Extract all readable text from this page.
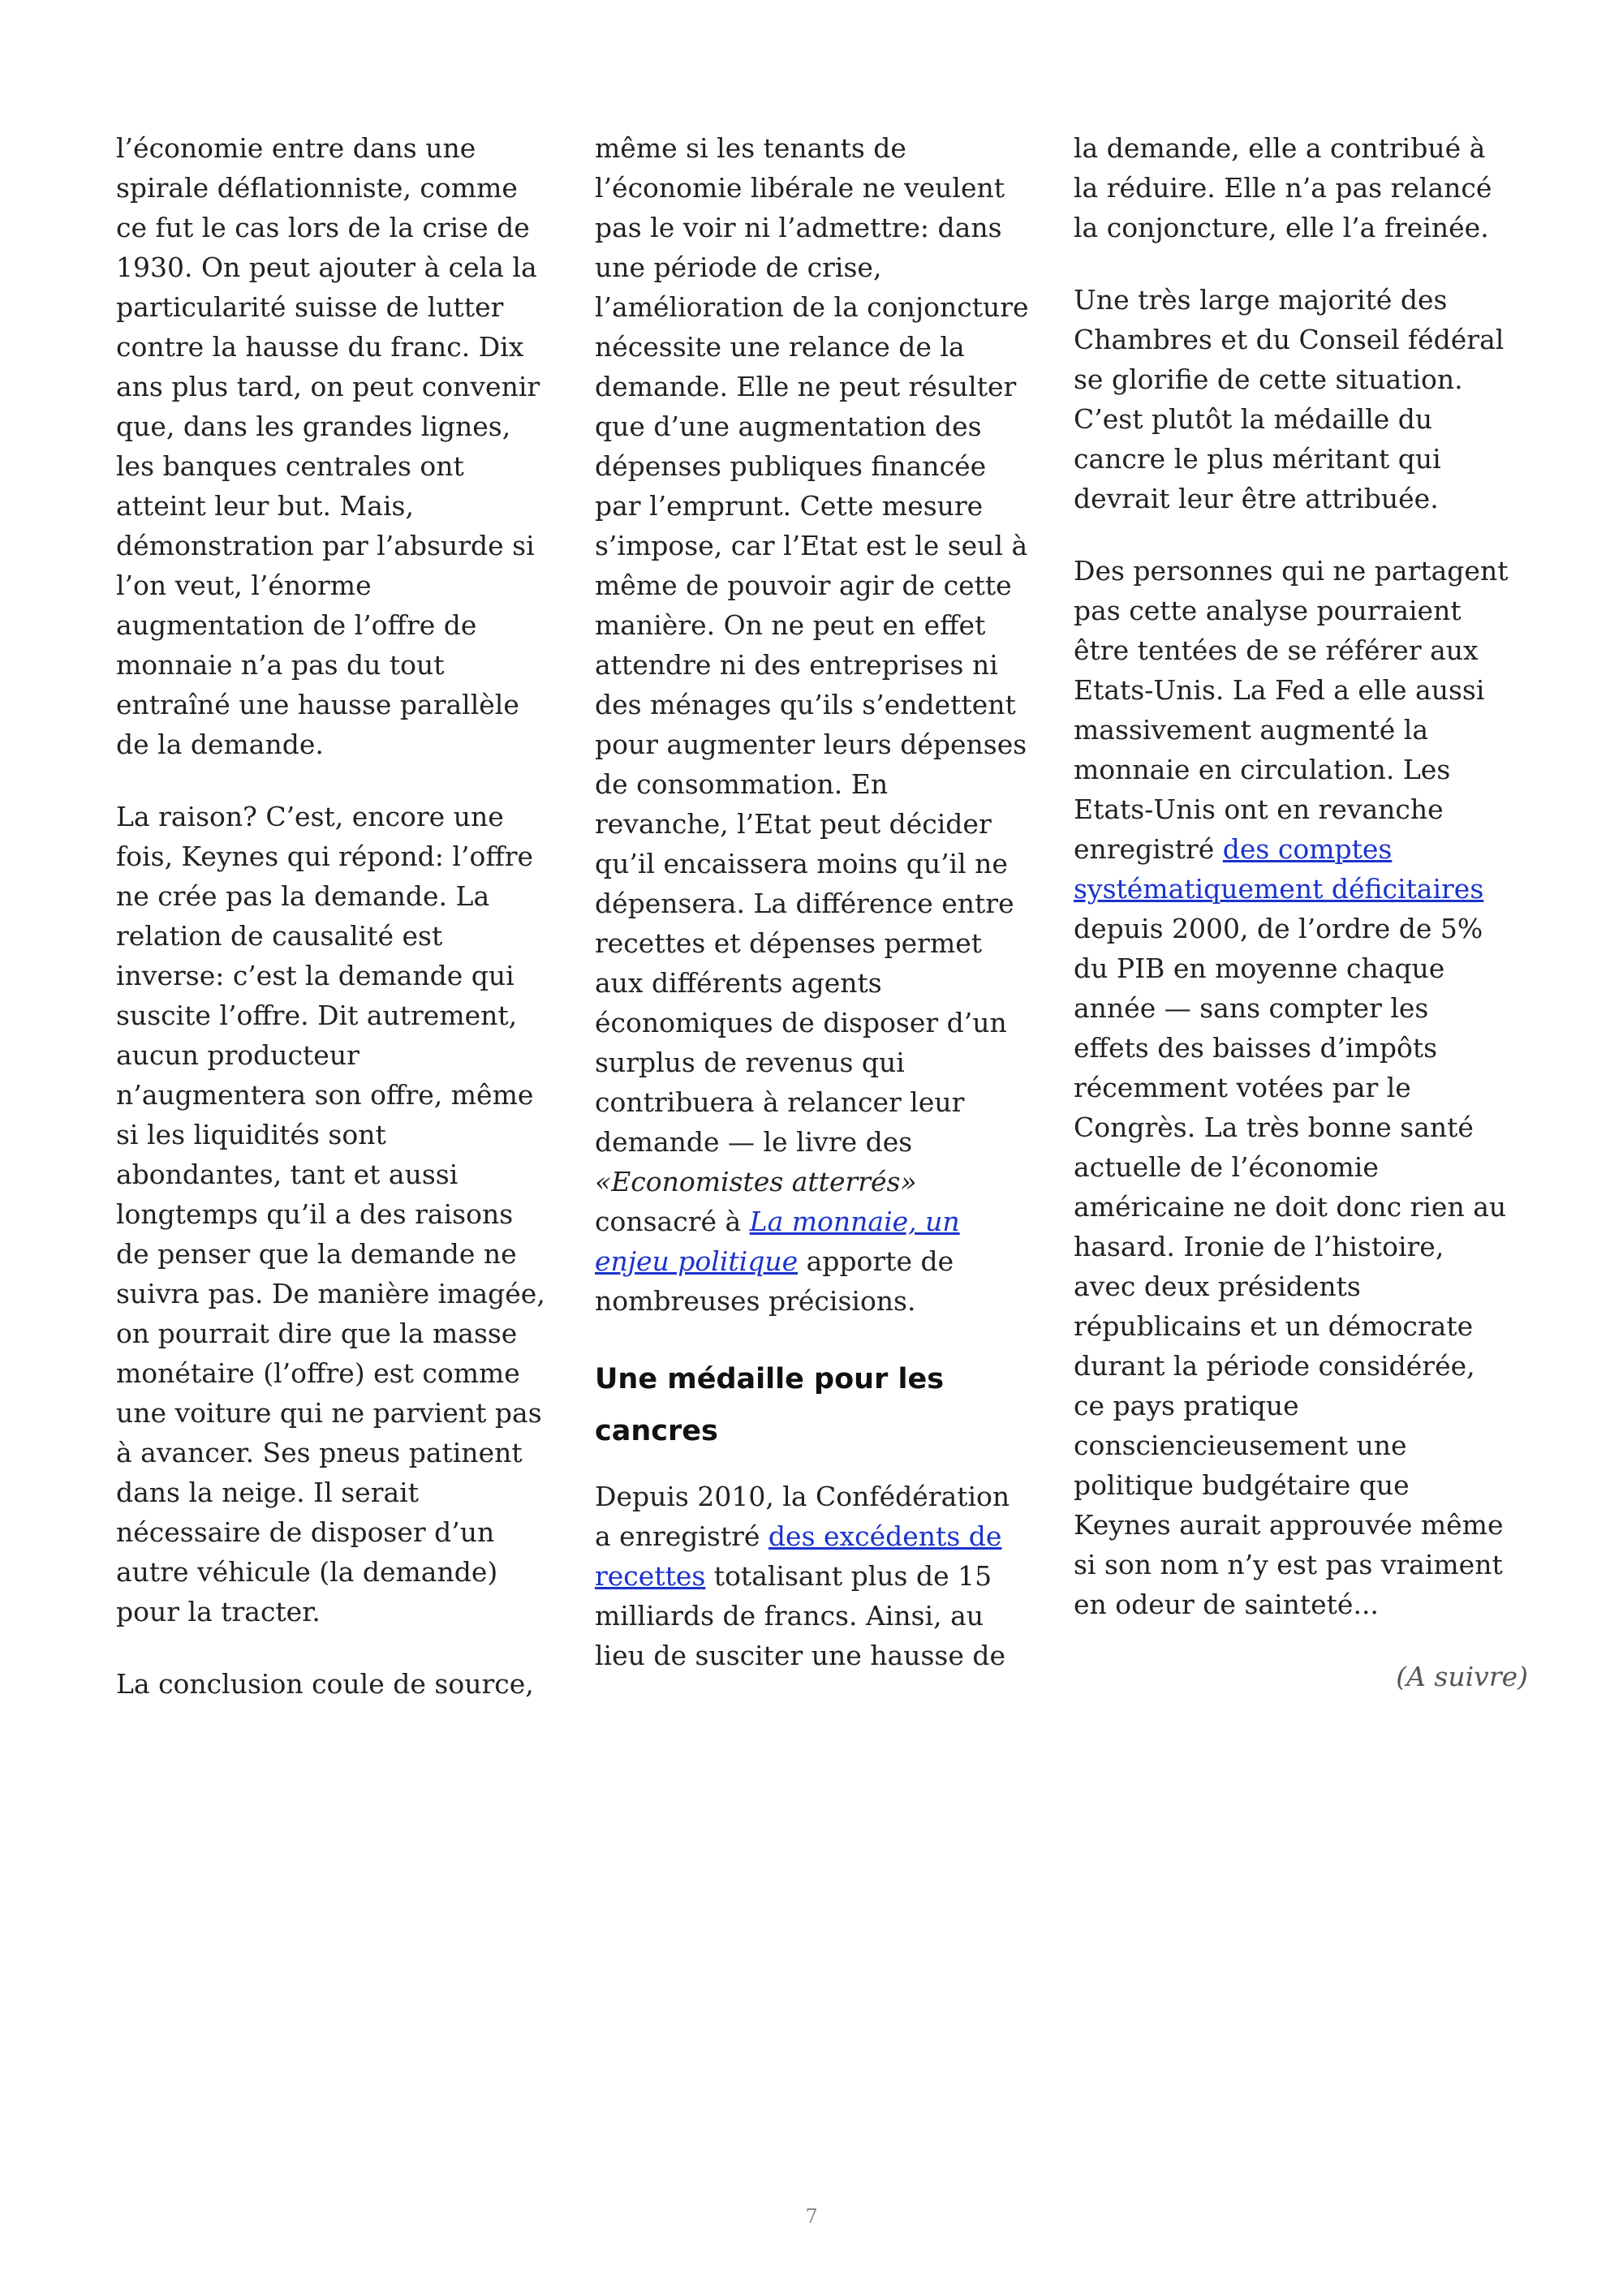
l’économie entre dans une
spirale déflationniste, comme
ce fut le cas lors de la crise de
1930. On peut ajouter à cela la
particularité suisse de lutter
contre la hausse du franc. Dix
ans plus tard, on peut convenir
que, dans les grandes lignes,
les banques centrales ont
atteint leur but. Mais,
démonstration par l’absurde si
l’on veut, l’énorme
augmentation de l’offre de
monnaie n’a pas du tout
entraîné une hausse parallèle
de la demande.

La raison? C’est, encore une
fois, Keynes qui répond: l’offre
ne crée pas la demande. La
relation de causalité est
inverse: c’est la demande qui
suscite l’offre. Dit autrement,
aucun producteur
n’augmentera son offre, même
si les liquidités sont
abondantes, tant et aussi
longtemps qu’il a des raisons
de penser que la demande ne
suivra pas. De manière imagée,
on pourrait dire que la masse
monétaire (l’offre) est comme
une voiture qui ne parvient pas
à avancer. Ses pneus patinent
dans la neige. Il serait
nécessaire de disposer d’un
autre véhicule (la demande)
pour la tracter.

La conclusion coule de source,

même si les tenants de
l’économie libérale ne veulent
pas le voir ni l’admettre: dans
une période de crise,
l’amélioration de la conjoncture
nécessite une relance de la
demande. Elle ne peut résulter
que d’une augmentation des
dépenses publiques financée
par l’emprunt. Cette mesure
s’impose, car l’Etat est le seul à
même de pouvoir agir de cette
manière. On ne peut en effet
attendre ni des entreprises ni
des ménages qu’ils s’endettent
pour augmenter leurs dépenses
de consommation. En
revanche, l’Etat peut décider
qu’il encaissera moins qu’il ne
dépensera. La différence entre
recettes et dépenses permet
aux différents agents
économiques de disposer d’un
surplus de revenus qui
contribuera à relancer leur
demande — le livre des
«Economistes atterrés»
consacré à La monnaie, un
enjeu politique apporte de
nombreuses précisions.

Une médaille pour les
cancres

Depuis 2010, la Confédération
a enregistré des excédents de
recettes totalisant plus de 15
milliards de francs. Ainsi, au
lieu de susciter une hausse de

la demande, elle a contribué à
la réduire. Elle n’a pas relancé
la conjoncture, elle l’a freinée.

Une très large majorité des
Chambres et du Conseil fédéral
se glorifie de cette situation.
C’est plutôt la médaille du
cancre le plus méritant qui
devrait leur être attribuée.

Des personnes qui ne partagent
pas cette analyse pourraient
être tentées de se référer aux
Etats-Unis. La Fed a elle aussi
massivement augmenté la
monnaie en circulation. Les
Etats-Unis ont en revanche
enregistré des comptes
systématiquement déficitaires
depuis 2000, de l’ordre de 5%
du PIB en moyenne chaque
année — sans compter les
effets des baisses d’impôts
récemment votées par le
Congrès. La très bonne santé
actuelle de l’économie
américaine ne doit donc rien au
hasard. Ironie de l’histoire,
avec deux présidents
républicains et un démocrate
durant la période considérée,
ce pays pratique
consciencieusement une
politique budgétaire que
Keynes aurait approuvée même
si son nom n’y est pas vraiment
en odeur de sainteté...

(A suivre)
7
